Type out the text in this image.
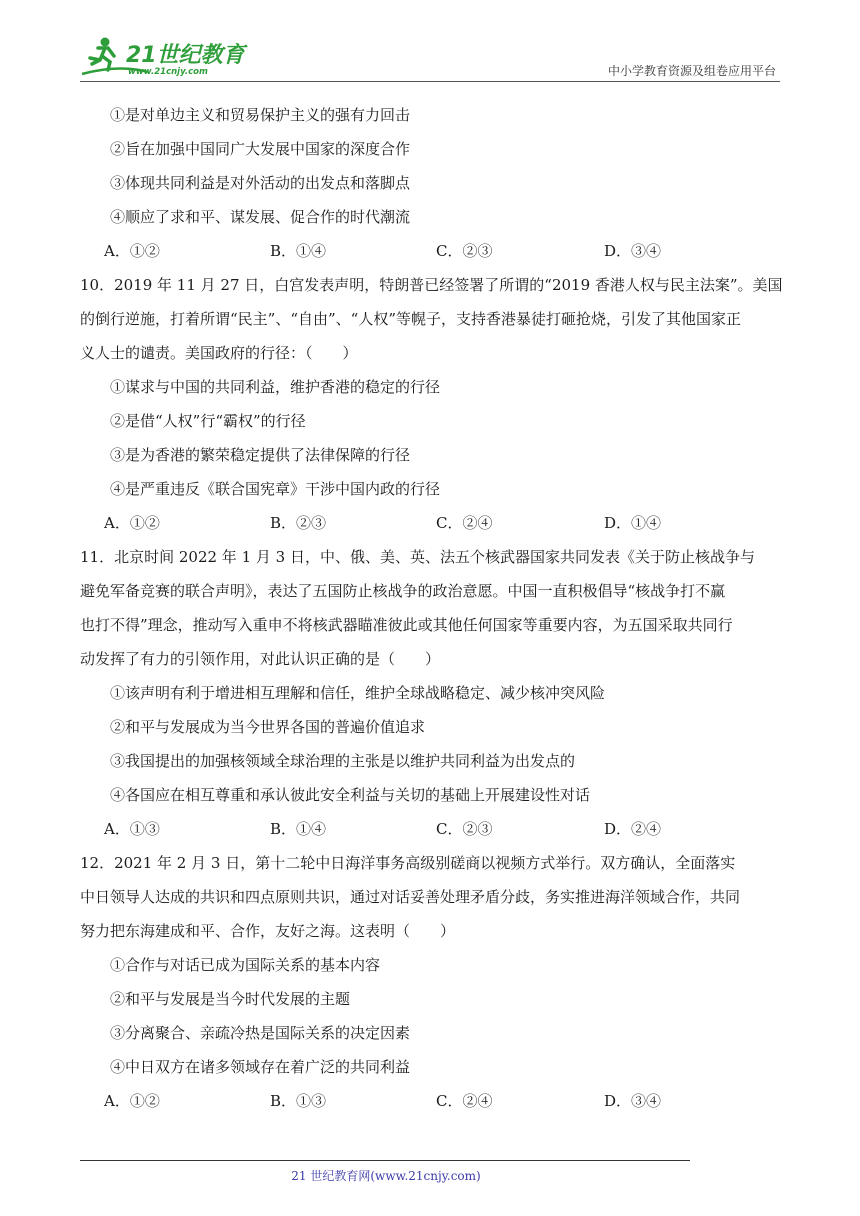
21世纪教育
www.21cnjy.com	中小学教育资源及组卷应用平台
①是对单边主义和贸易保护主义的强有力回击
②旨在加强中国同广大发展中国家的深度合作
③体现共同利益是对外活动的出发点和落脚点
④顺应了求和平、谋发展、促合作的时代潮流
A．①②	B．①④	C．②③	D．③④
10．2019 年 11 月 27 日，白宫发表声明，特朗普已经签署了所谓的“2019 香港人权与民主法案”。美国
的倒行逆施，打着所谓“民主”、“自由”、“人权”等幌子，支持香港暴徒打砸抢烧，引发了其他国家正
义人士的谴责。美国政府的行径：（　　）
①谋求与中国的共同利益，维护香港的稳定的行径
②是借“人权”行“霸权”的行径
③是为香港的繁荣稳定提供了法律保障的行径
④是严重违反《联合国宪章》干涉中国内政的行径
A．①②	B．②③	C．②④	D．①④
11．北京时间 2022 年 1 月 3 日，中、俄、美、英、法五个核武器国家共同发表《关于防止核战争与
避免军备竞赛的联合声明》，表达了五国防止核战争的政治意愿。中国一直积极倡导“核战争打不赢
也打不得”理念，推动写入重申不将核武器瞄准彼此或其他任何国家等重要内容，为五国采取共同行
动发挥了有力的引领作用，对此认识正确的是（　　）
①该声明有利于增进相互理解和信任，维护全球战略稳定、减少核冲突风险
②和平与发展成为当今世界各国的普遍价值追求
③我国提出的加强核领域全球治理的主张是以维护共同利益为出发点的
④各国应在相互尊重和承认彼此安全利益与关切的基础上开展建设性对话
A．①③	B．①④	C．②③	D．②④
12．2021 年 2 月 3 日，第十二轮中日海洋事务高级别磋商以视频方式举行。双方确认，全面落实
中日领导人达成的共识和四点原则共识，通过对话妥善处理矛盾分歧，务实推进海洋领域合作，共同
努力把东海建成和平、合作，友好之海。这表明（　　）
①合作与对话已成为国际关系的基本内容
②和平与发展是当今时代发展的主题
③分离聚合、亲疏冷热是国际关系的决定因素
④中日双方在诸多领域存在着广泛的共同利益
A．①②	B．①③	C．②④	D．③④
21 世纪教育网(www.21cnjy.com)
